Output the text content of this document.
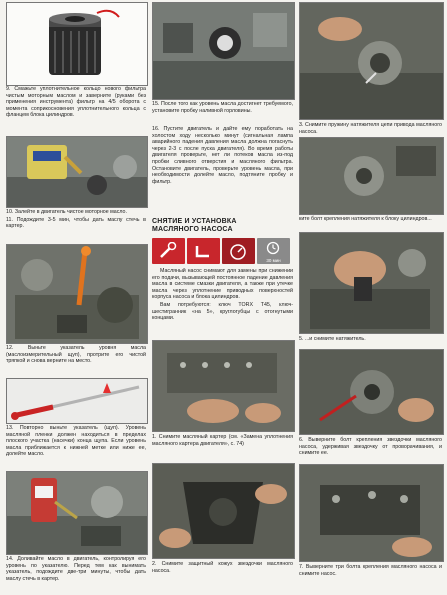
9. Смажьте уплотнительное кольцо нового фильтра чистым моторным маслом и заверните (руками без применения инструмента) фильтр на 4/5 оборота с момента соприкосновения уплотнительного кольца с фланцем блока цилиндров.

10. Залейте в двигатель чистое моторное масло.

11. Подождите 3-5 мин, чтобы дать маслу стечь в картер.

12. Выньте указатель уровня масла (маслоизмерительный щуп), протрите его чистой тряпкой и снова верните на место.

13. Повторно выньте указатель (щуп). Уровень масляной пленки должен находиться в пределах плоского участка (насечки) конца щупа. Если уровень масла приближается к нижней метке или ниже ее, долейте масло.

14. Доливайте масло в двигатель, контролируя его уровень по указателю. Перед тем как вынимать указатель, подождите две-три минуты, чтобы дать маслу стечь в картер.

15. После того как уровень масла достигнет требуемого, установите пробку наливной горловины.

16. Пустите двигатель и дайте ему поработать на холостом ходу несколько минут (сигнальная лампа аварийного падения давления масла должна погаснуть через 2-3 с после пуска двигателя). Во время работы двигателя проверьте, нет ли потеков масла из-под пробки сливного отверстия и масляного фильтра. Остановите двигатель, проверьте уровень масла, при необходимости долейте масло, подтяните пробку и фильтр.

СНЯТИЕ И УСТАНОВКА
МАСЛЯНОГО НАСОСА
30 мин

Масляный насос снимают для замены при снижении его подачи, вызывающей постоянное падение давления масла в системе смазки двигателя, а также при утечке масла через уплотнение приводных поверхностей корпуса насоса и блока цилиндров.

Вам потребуются: ключ TORX T45, ключ-шестигранник «на 5», круглогубцы с отогнутыми концами.

1. Снимите масляный картер (см. «Замена уплотнения масляного картера двигателя», с. 74)

2. Снимите защитный кожух звездочки масляного насоса.

3. Снимите пружину натяжителя цепи привода масляного насоса.

ките болт крепления натяжителя к блоку цилиндров...

5. ...и снимите натяжитель.

6. Выверните болт крепления звездочки масляного насоса, удерживая звездочку от проворачивания, и снимите ее.

7. Выверните три болта крепления масляного насоса и снимите насос.
